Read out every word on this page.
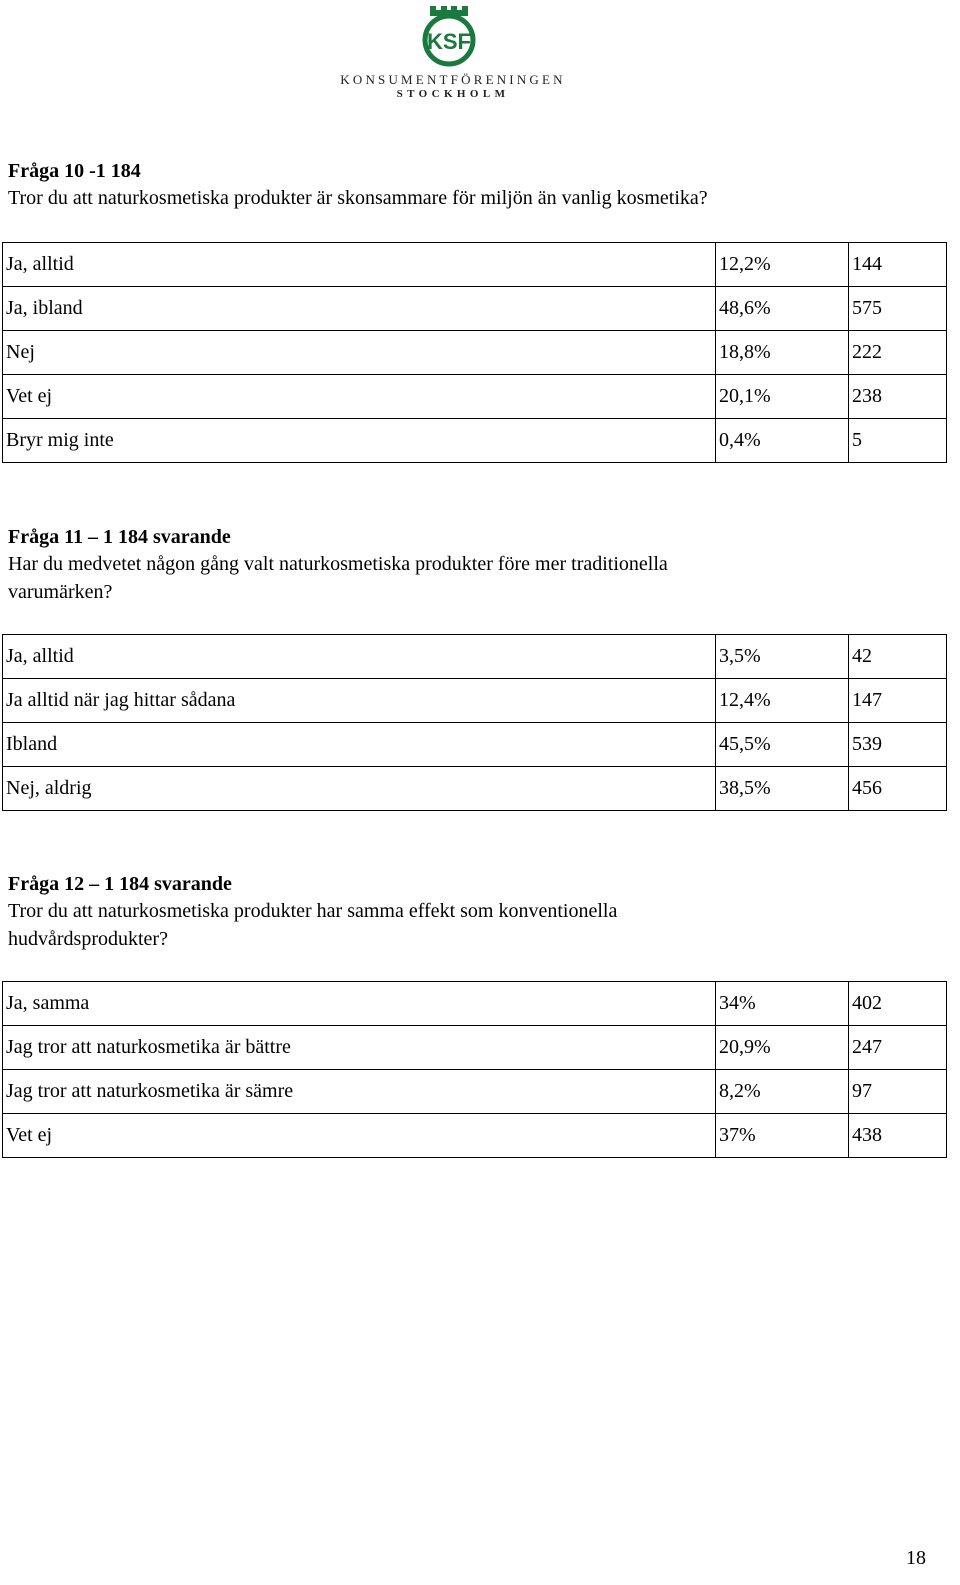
KSF
KONSUMENTFÖRENINGEN
STOCKHOLM

Fråga 10 -1 184

Tror du att naturkosmetiska produkter är skonsammare för miljön än vanlig kosmetika?

Ja, alltid	12,2%	144
Ja, ibland	48,6%	575
Nej	18,8%	222
Vet ej	20,1%	238
Bryr mig inte	0,4%	5

Fråga 11 – 1 184 svarande

Har du medvetet någon gång valt naturkosmetiska produkter före mer traditionella

varumärken?

Ja, alltid	3,5%	42
Ja alltid när jag hittar sådana	12,4%	147
Ibland	45,5%	539
Nej, aldrig	38,5%	456

Fråga 12 – 1 184 svarande

Tror du att naturkosmetiska produkter har samma effekt som konventionella

hudvårdsprodukter?

Ja, samma	34%	402
Jag tror att naturkosmetika är bättre	20,9%	247
Jag tror att naturkosmetika är sämre	8,2%	97
Vet ej	37%	438
18
